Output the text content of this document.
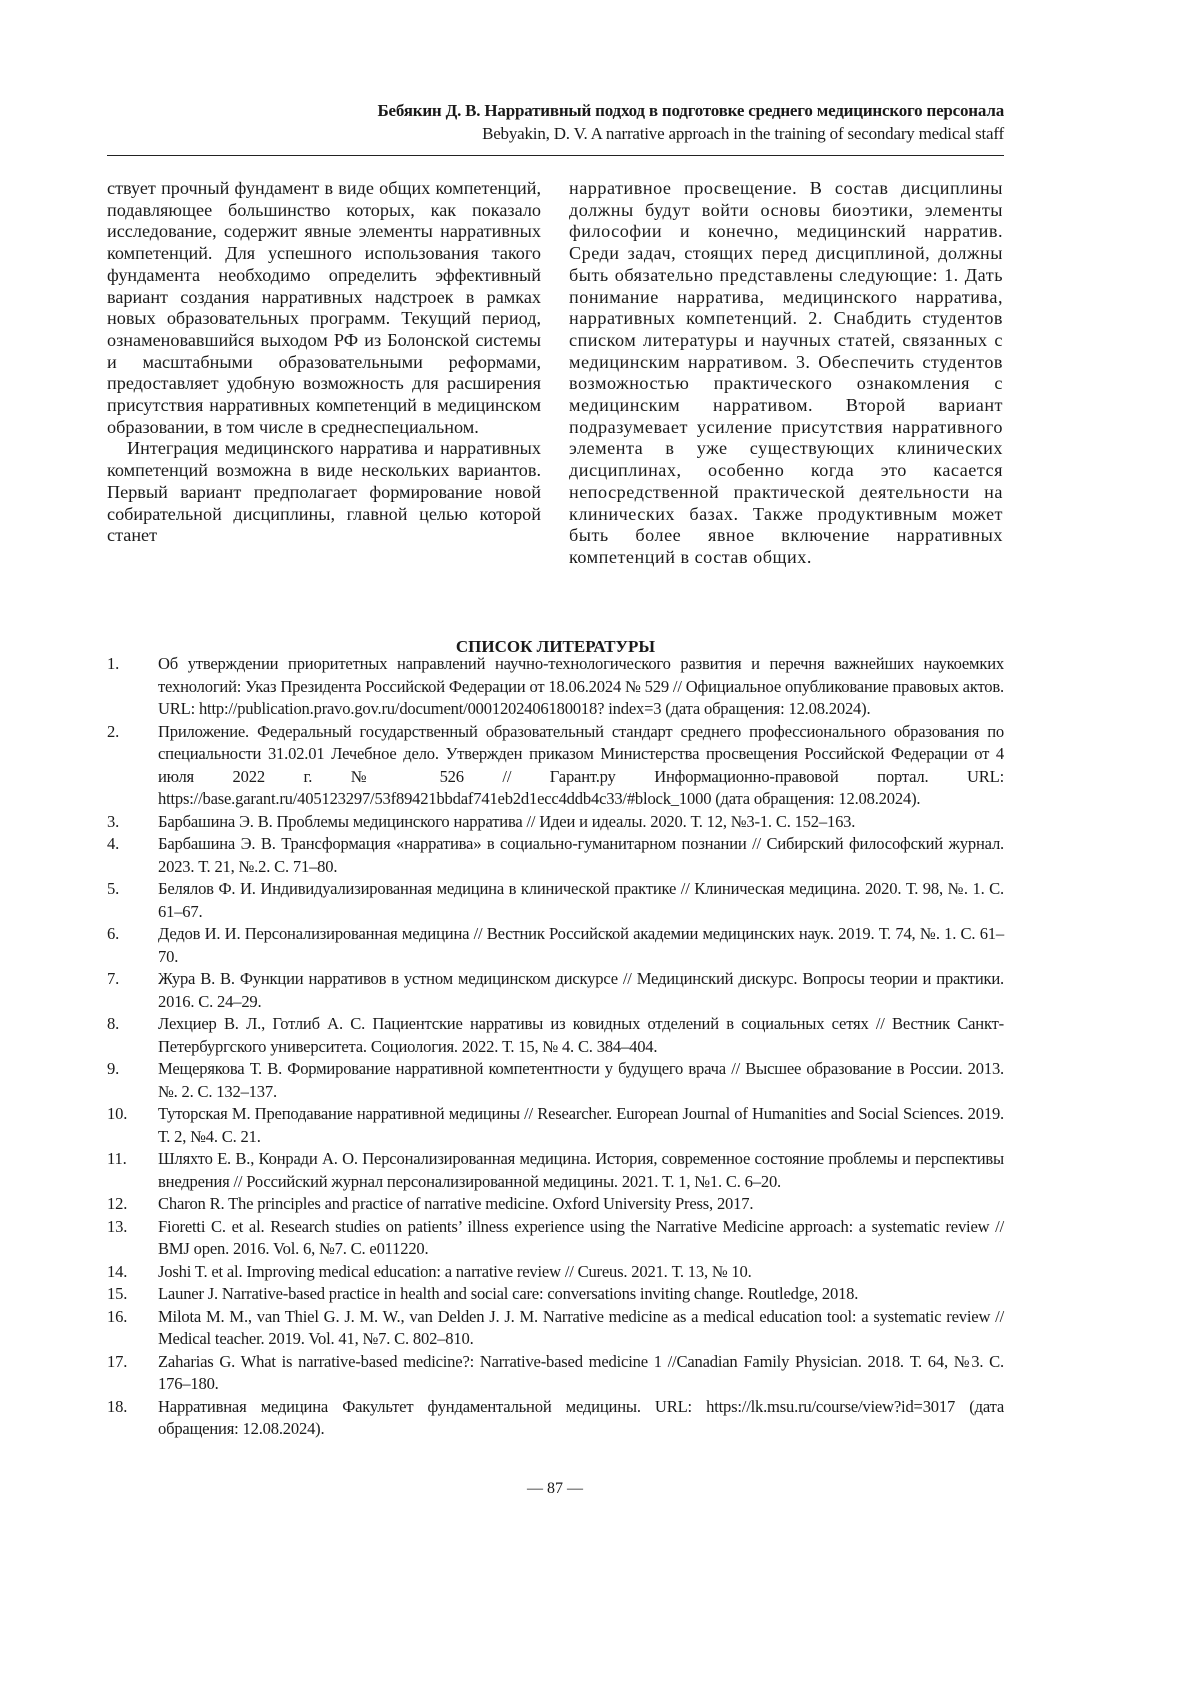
Бебякин Д. В. Нарративный подход в подготовке среднего медицинского персонала
Bebyakin, D. V. A narrative approach in the training of secondary medical staff

ствует прочный фундамент в виде общих компетенций, подавляющее большинство которых, как показало исследование, содержит явные элементы нарративных компетенций. Для успешного использования такого фундамента необходимо определить эффективный вариант создания нарративных надстроек в рамках новых образовательных программ. Текущий период, ознаменовавшийся выходом РФ из Болонской системы и масштабными образовательными реформами, предоставляет удобную возможность для расширения присутствия нарративных компетенций в медицинском образовании, в том числе в среднеспециальном.

Интеграция медицинского нарратива и нарративных компетенций возможна в виде нескольких вариантов. Первый вариант предполагает формирование новой собирательной дисциплины, главной целью которой станет

нарративное просвещение. В состав дисциплины должны будут войти основы биоэтики, элементы философии и конечно, медицинский нарратив. Среди задач, стоящих перед дисциплиной, должны быть обязательно представлены следующие: 1. Дать понимание нарратива, медицинского нарратива, нарративных компетенций. 2. Снабдить студентов списком литературы и научных статей, связанных с медицинским нарративом. 3. Обеспечить студентов возможностью практического ознакомления с медицинским нарративом. Второй вариант подразумевает усиление присутствия нарративного элемента в уже существующих клинических дисциплинах, особенно когда это касается непосредственной практической деятельности на клинических базах. Также продуктивным может быть более явное включение нарративных компетенций в состав общих.

СПИСОК ЛИТЕРАТУРЫ
1.	Об утверждении приоритетных направлений научно-технологического развития и перечня важнейших наукоемких технологий: Указ Президента Российской Федерации от 18.06.2024 № 529 // Официальное опубликование правовых актов. URL: http://publication.pravo.gov.ru/document/0001202406180018? index=3 (дата обращения: 12.08.2024).
2.	Приложение. Федеральный государственный образовательный стандарт среднего профессионального образования по специальности 31.02.01 Лечебное дело. Утвержден приказом Министерства просвещения Российской Федерации от 4 июля 2022 г. № 526 // Гарант.ру Информационно-правовой портал. URL: https://base.garant.ru/405123297/53f89421bbdaf741eb2d1ecc4ddb4c33/#block_1000 (дата обращения: 12.08.2024).
3.	Барбашина Э. В. Проблемы медицинского нарратива // Идеи и идеалы. 2020. Т. 12, №3-1. С. 152–163.
4.	Барбашина Э. В. Трансформация «нарратива» в социально-гуманитарном познании // Сибирский философский журнал. 2023. Т. 21, №.2. С. 71–80.
5.	Белялов Ф. И. Индивидуализированная медицина в клинической практике // Клиническая медицина. 2020. Т. 98, №. 1. С. 61–67.
6.	Дедов И. И. Персонализированная медицина // Вестник Российской академии медицинских наук. 2019. Т. 74, №. 1. С. 61–70.
7.	Жура В. В. Функции нарративов в устном медицинском дискурсе // Медицинский дискурс. Вопросы теории и практики. 2016. С. 24–29.
8.	Лехциер В. Л., Готлиб А. С. Пациентские нарративы из ковидных отделений в социальных сетях // Вестник Санкт-Петербургского университета. Социология. 2022. Т. 15, № 4. С. 384–404.
9.	Мещерякова Т. В. Формирование нарративной компетентности у будущего врача // Высшее образование в России. 2013. №. 2. С. 132–137.
10.	Туторская М. Преподавание нарративной медицины // Researcher. European Journal of Humanities and Social Sciences. 2019. Т. 2, №4. С. 21.
11.	Шляхто Е. В., Конради А. О. Персонализированная медицина. История, современное состояние проблемы и перспективы внедрения // Российский журнал персонализированной медицины. 2021. Т. 1, №1. С. 6–20.
12.	Charon R. The principles and practice of narrative medicine. Oxford University Press, 2017.
13.	Fioretti C. et al. Research studies on patients’ illness experience using the Narrative Medicine approach: a systematic review // BMJ open. 2016. Vol. 6, №7. C. e011220.
14.	Joshi T. et al. Improving medical education: a narrative review // Cureus. 2021. Т. 13, № 10.
15.	Launer J. Narrative-based practice in health and social care: conversations inviting change. Routledge, 2018.
16.	Milota M. M., van Thiel G. J. M. W., van Delden J. J. M. Narrative medicine as a medical education tool: a systematic review // Medical teacher. 2019. Vol. 41, №7. С. 802–810.
17.	Zaharias G. What is narrative-based medicine?: Narrative-based medicine 1 //Canadian Family Physician. 2018. Т. 64, №3. С. 176–180.
18.	Нарративная медицина Факультет фундаментальной медицины. URL: https://lk.msu.ru/course/view?id=3017 (дата обращения: 12.08.2024).
— 87 —
